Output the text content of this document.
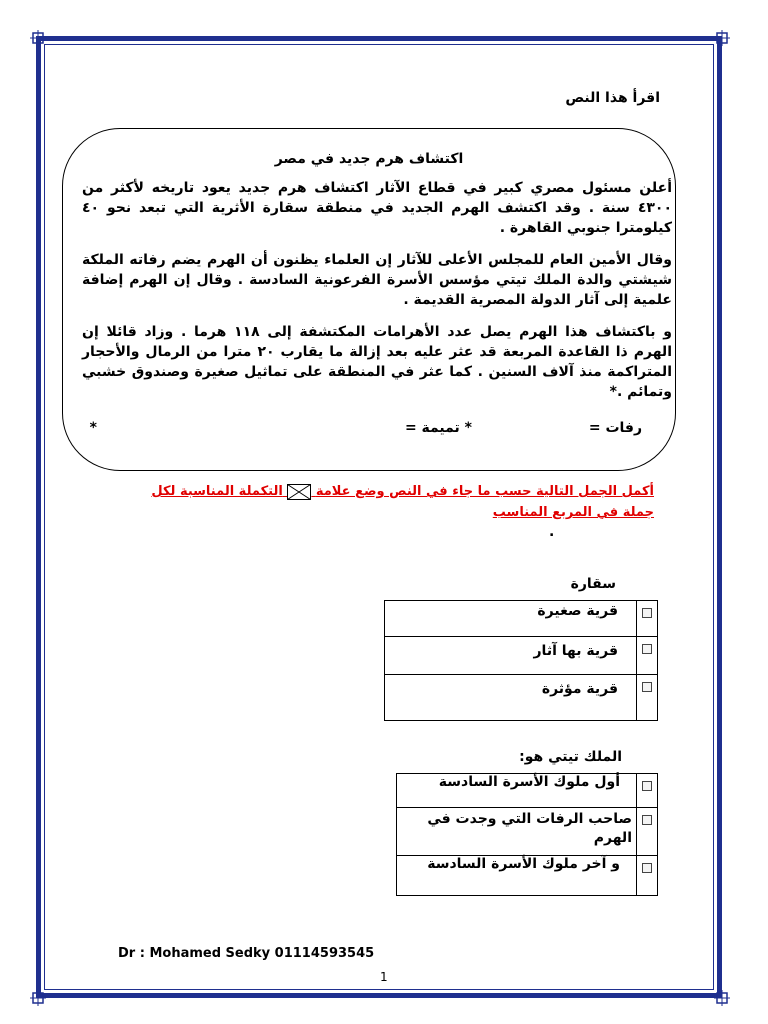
اقرأ هذا النص
اكتشاف هرم جديد في مصر
أعلن مسئول مصري كبير في قطاع الآثار اكتشاف هرم جديد يعود تاريخه لأكثر من ٤٣٠٠ سنة . وقد اكتشف الهرم الجديد في منطقة سقارة الأثرية التي تبعد نحو ٤٠ كيلومترا جنوبي القاهرة .
وقال الأمين العام للمجلس الأعلى للآثار إن العلماء يظنون أن الهرم يضم رفاته الملكة شيشتي والدة الملك تيتي مؤسس الأسرة الفرعونية السادسة . وقال إن الهرم إضافة علمية إلى آثار الدولة المصرية القديمة .
و باكتشاف هذا الهرم يصل عدد الأهرامات المكتشفة إلى ١١٨ هرما . وزاد قائلا إن الهرم ذا القاعدة المربعة قد عثر عليه بعد إزالة ما يقارب ٢٠ مترا من الرمال والأحجار المتراكمة منذ آلاف السنين . كما عثر في المنطقة على تماثيل صغيرة وصندوق خشبي وتمائم .*
رفات =
* تميمة =
*
أكمل الجمل التالية حسب ما جاء في النص وضع علامة  التكملة المناسبة لكل جملة في المربع المناسب
.
سقارة
	قرية صغيرة
	قرية بها آثار
	قرية مؤثرة
الملك تيتي هو:
	أول ملوك الأسرة السادسة
	صاحب الرفات التي وجدت في الهرم
	و آخر ملوك الأسرة السادسة
Dr : Mohamed Sedky 01114593545
1
